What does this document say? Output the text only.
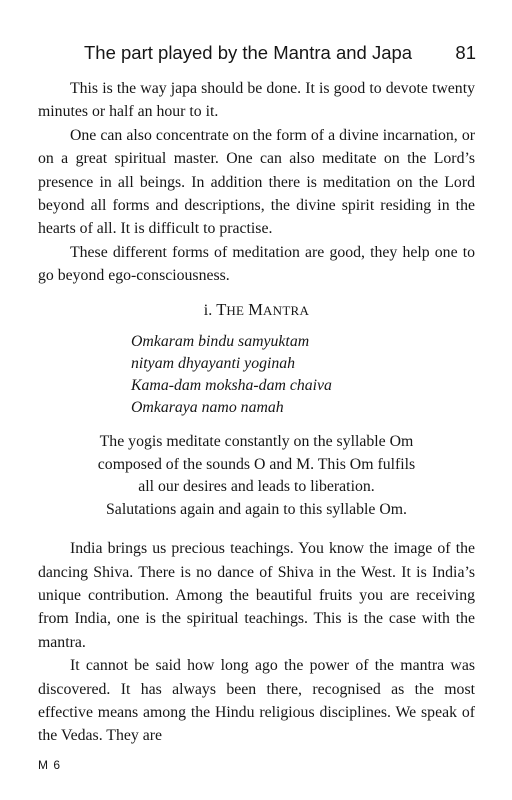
The part played by the Mantra and Japa 81

This is the way japa should be done. It is good to devote twenty minutes or half an hour to it.

One can also concentrate on the form of a divine incarnation, or on a great spiritual master. One can also meditate on the Lord’s presence in all beings. In addition there is meditation on the Lord beyond all forms and descriptions, the divine spirit residing in the hearts of all. It is difficult to practise.

These different forms of meditation are good, they help one to go beyond ego-consciousness.

i. THE MANTRA
Omkaram bindu samyuktam
nityam dhyayanti yoginah
Kama-dam moksha-dam chaiva
Omkaraya namo namah
The yogis meditate constantly on the syllable Om
composed of the sounds O and M. This Om fulfils
all our desires and leads to liberation.
Salutations again and again to this syllable Om.

India brings us precious teachings. You know the image of the dancing Shiva. There is no dance of Shiva in the West. It is India’s unique contribution. Among the beautiful fruits you are receiving from India, one is the spiritual teachings. This is the case with the mantra.

It cannot be said how long ago the power of the mantra was discovered. It has always been there, recognised as the most effective means among the Hindu religious disciplines. We speak of the Vedas. They are

M 6
